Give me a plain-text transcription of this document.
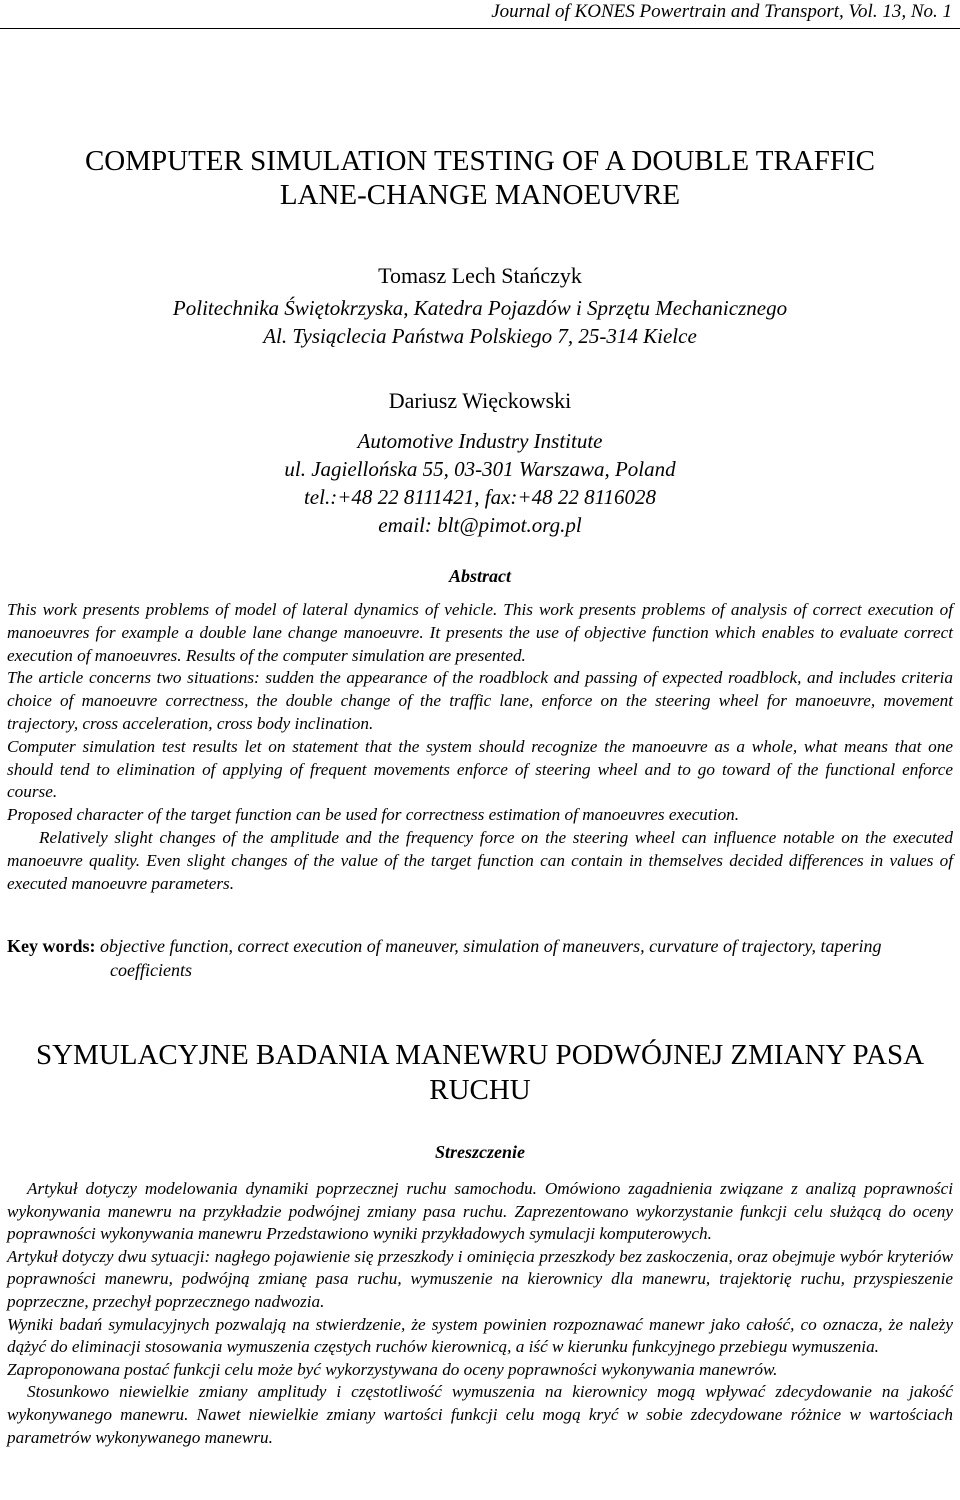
Journal of KONES Powertrain and Transport, Vol. 13, No. 1
COMPUTER SIMULATION TESTING OF A DOUBLE TRAFFIC
LANE-CHANGE MANOEUVRE
Tomasz Lech Stańczyk
Politechnika Świętokrzyska, Katedra Pojazdów i Sprzętu Mechanicznego
Al. Tysiąclecia Państwa Polskiego 7, 25-314 Kielce
Dariusz Więckowski
Automotive Industry Institute
ul. Jagiellońska 55, 03-301 Warszawa, Poland
tel.:+48 22 8111421, fax:+48 22 8116028
email: blt@pimot.org.pl
Abstract

This work presents problems of model of lateral dynamics of vehicle. This work presents problems of analysis of correct execution of manoeuvres for example a double lane change manoeuvre. It presents the use of objective function which enables to evaluate correct execution of manoeuvres. Results of the computer simulation are presented.

The article concerns two situations: sudden the appearance of the roadblock and passing of expected roadblock, and includes criteria choice of manoeuvre correctness, the double change of the traffic lane, enforce on the steering wheel for manoeuvre, movement trajectory, cross acceleration, cross body inclination.

Computer simulation test results let on statement that the system should recognize the manoeuvre as a whole, what means that one should tend to elimination of applying of frequent movements enforce of steering wheel and to go toward of the functional enforce course.

Proposed character of the target function can be used for correctness estimation of manoeuvres execution.

Relatively slight changes of the amplitude and the frequency force on the steering wheel can influence notable on the executed manoeuvre quality. Even slight changes of the value of the target function can contain in themselves decided differences in values of executed manoeuvre parameters.

Key words: objective function, correct execution of maneuver, simulation of maneuvers, curvature of trajectory, tapering coefficients
SYMULACYJNE BADANIA MANEWRU PODWÓJNEJ ZMIANY PASA
RUCHU
Streszczenie

Artykuł dotyczy modelowania dynamiki poprzecznej ruchu samochodu. Omówiono zagadnienia związane z analizą poprawności wykonywania manewru na przykładzie podwójnej zmiany pasa ruchu. Zaprezentowano wykorzystanie funkcji celu służącą do oceny poprawności wykonywania manewru Przedstawiono wyniki przykładowych symulacji komputerowych.

Artykuł dotyczy dwu sytuacji: nagłego pojawienie się przeszkody i ominięcia przeszkody bez zaskoczenia, oraz obejmuje wybór kryteriów poprawności manewru, podwójną zmianę pasa ruchu, wymuszenie na kierownicy dla manewru, trajektorię ruchu, przyspieszenie poprzeczne, przechył poprzecznego nadwozia.

Wyniki badań symulacyjnych pozwalają na stwierdzenie, że system powinien rozpoznawać manewr jako całość, co oznacza, że należy dążyć do eliminacji stosowania wymuszenia częstych ruchów kierownicą, a iść w kierunku funkcyjnego przebiegu wymuszenia.

Zaproponowana postać funkcji celu może być wykorzystywana do oceny poprawności wykonywania manewrów.

Stosunkowo niewielkie zmiany amplitudy i częstotliwość wymuszenia na kierownicy mogą wpływać zdecydowanie na jakość wykonywanego manewru. Nawet niewielkie zmiany wartości funkcji celu mogą kryć w sobie zdecydowane różnice w wartościach parametrów wykonywanego manewru.
